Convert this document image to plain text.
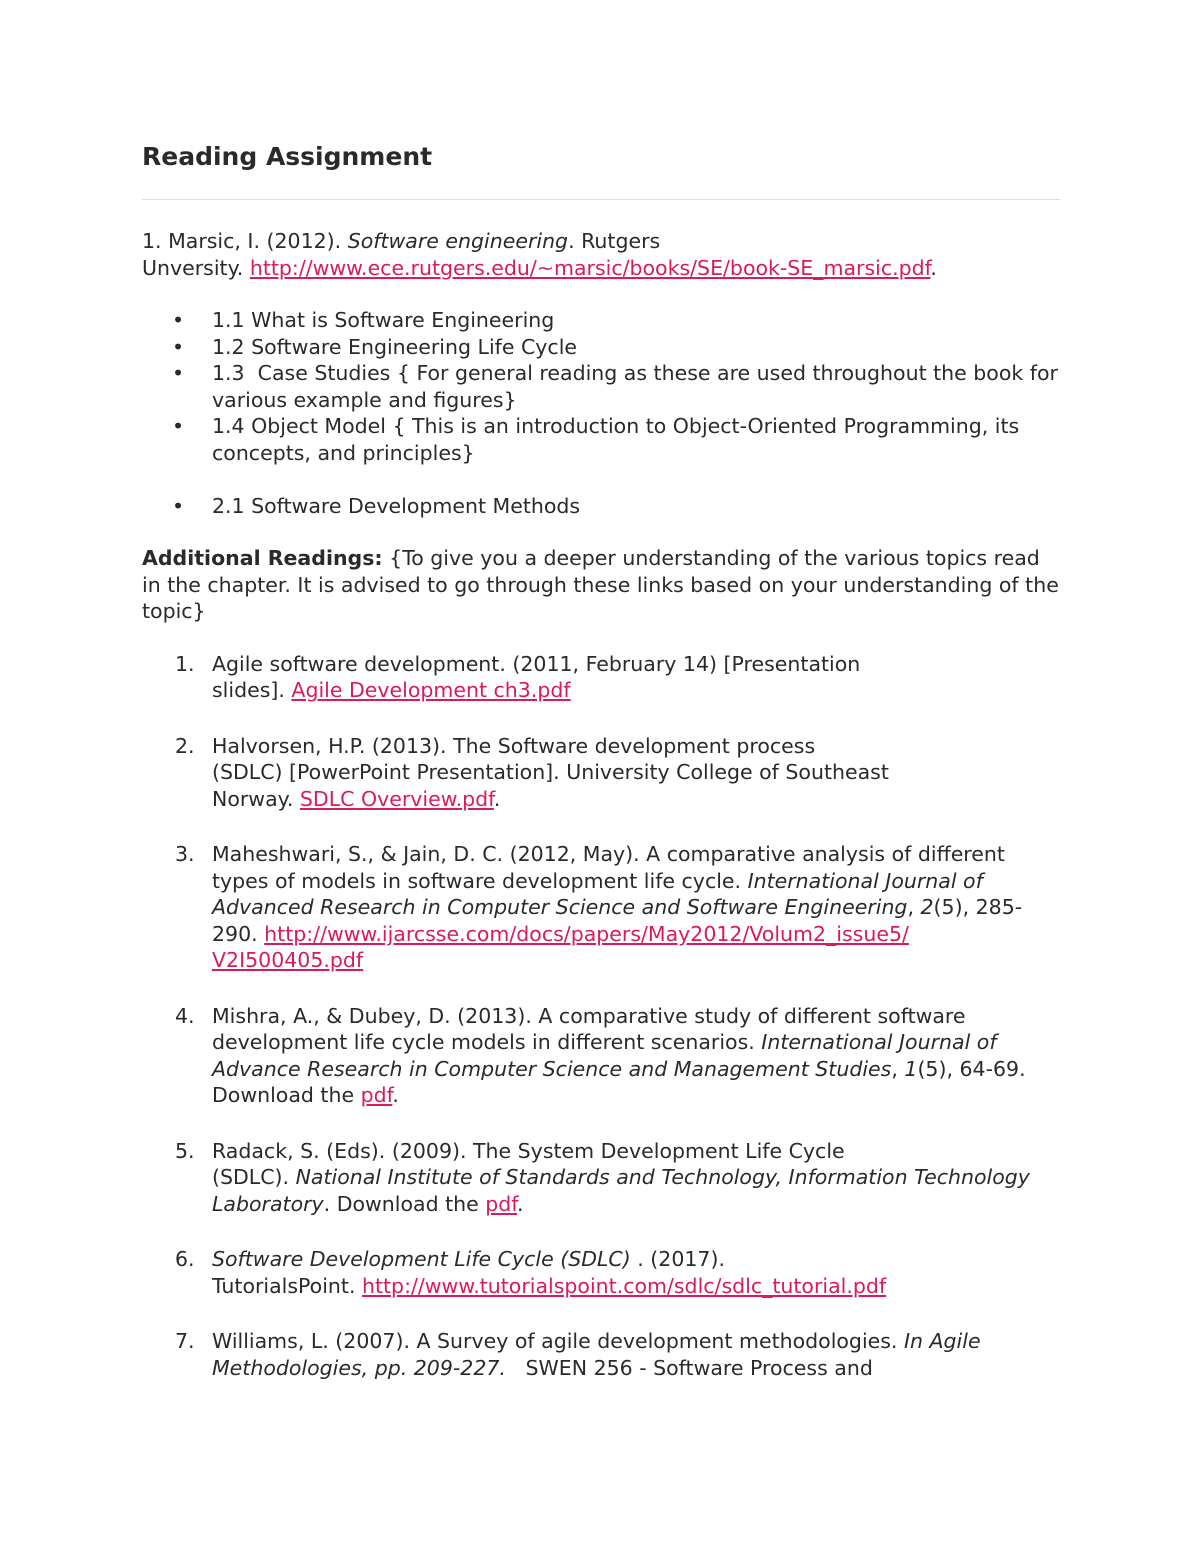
Reading Assignment
1. Marsic, I. (2012). Software engineering. Rutgers
Unversity. http://www.ece.rutgers.edu/~marsic/books/SE/book-SE_marsic.pdf.
• 1.1 What is Software Engineering
• 1.2 Software Engineering Life Cycle
• 1.3  Case Studies { For general reading as these are used throughout the book for various example and figures}
• 1.4 Object Model { This is an introduction to Object-Oriented Programming, its concepts, and principles}
• 2.1 Software Development Methods
Additional Readings: {To give you a deeper understanding of the various topics read in the chapter. It is advised to go through these links based on your understanding of the topic}
1. Agile software development. (2011, February 14) [Presentation
slides]. Agile Development ch3.pdf
2. Halvorsen, H.P. (2013). The Software development process
(SDLC) [PowerPoint Presentation]. University College of Southeast
Norway. SDLC Overview.pdf.
3. Maheshwari, S., & Jain, D. C. (2012, May). A comparative analysis of different types of models in software development life cycle. International Journal of Advanced Research in Computer Science and Software Engineering, 2(5), 285-
290. http://www.ijarcsse.com/docs/papers/May2012/Volum2_issue5/
V2I500405.pdf
4. Mishra, A., & Dubey, D. (2013). A comparative study of different software development life cycle models in different scenarios. International Journal of Advance Research in Computer Science and Management Studies, 1(5), 64-69. Download the pdf.
5. Radack, S. (Eds). (2009). The System Development Life Cycle
(SDLC). National Institute of Standards and Technology, Information Technology Laboratory. Download the pdf.
6. Software Development Life Cycle (SDLC) . (2017).
TutorialsPoint. http://www.tutorialspoint.com/sdlc/sdlc_tutorial.pdf
7. Williams, L. (2007). A Survey of agile development methodologies. In Agile Methodologies, pp. 209-227.   SWEN 256 - Software Process and
